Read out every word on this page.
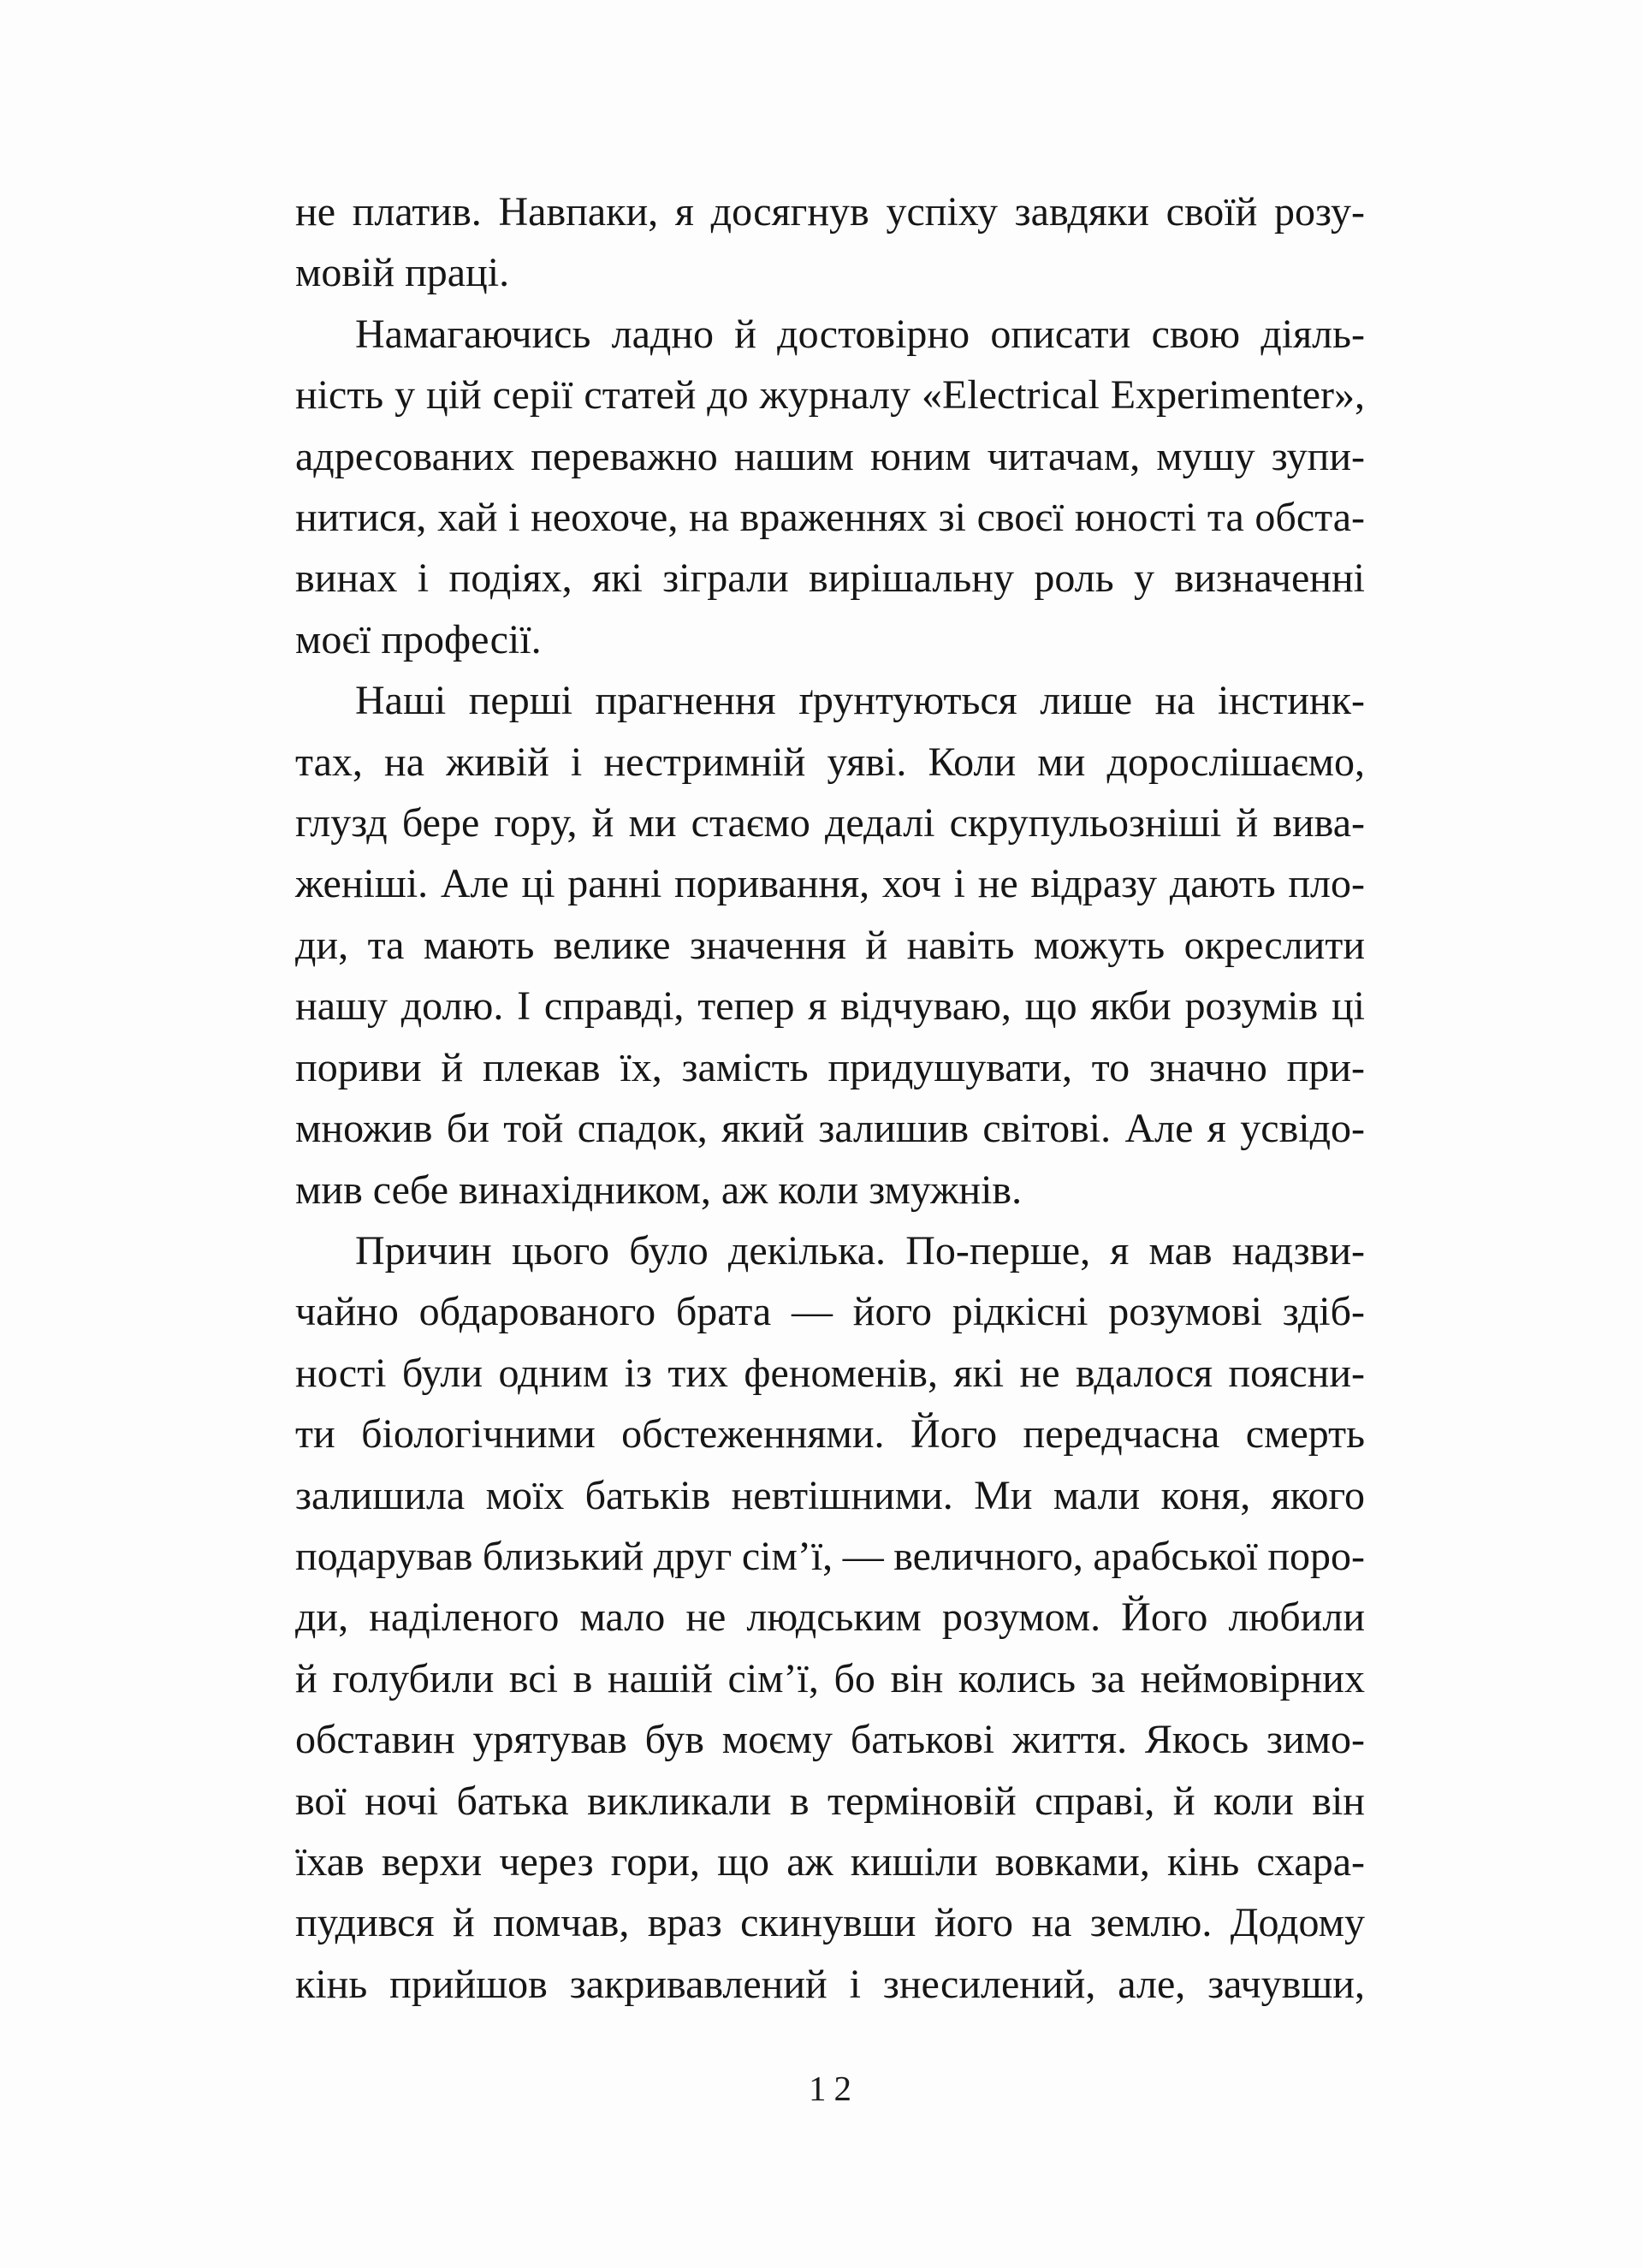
не платив. Навпаки, я досягнув успіху завдяки своїй розу-
мовій праці.
Намагаючись ладно й достовірно описати свою діяль-
ність у цій серії статей до журналу «Electrical Experimenter»,
адресованих переважно нашим юним читачам, мушу зупи-
нитися, хай і неохоче, на враженнях зі своєї юності та обста-
винах і подіях, які зіграли вирішальну роль у визначенні
моєї професії.
Наші перші прагнення ґрунтуються лише на інстинк-
тах, на живій і нестримній уяві. Коли ми дорослішаємо,
глузд бере гору, й ми стаємо дедалі скрупульозніші й вива-
женіші. Але ці ранні поривання, хоч і не відразу дають пло-
ди, та мають велике значення й навіть можуть окреслити
нашу долю. І справді, тепер я відчуваю, що якби розумів ці
пориви й плекав їх, замість придушувати, то значно при-
множив би той спадок, який залишив світові. Але я усвідо-
мив себе винахідником, аж коли змужнів.
Причин цього було декілька. По-перше, я мав надзви-
чайно обдарованого брата — його рідкісні розумові здіб-
ності були одним із тих феноменів, які не вдалося поясни-
ти біологічними обстеженнями. Його передчасна смерть
залишила моїх батьків невтішними. Ми мали коня, якого
подарував близький друг сім’ї, — величного, арабської поро-
ди, наділеного мало не людським розумом. Його любили
й голубили всі в нашій сім’ї, бо він колись за неймовірних
обставин урятував був моєму батькові життя. Якось зимо-
вої ночі батька викликали в терміновій справі, й коли він
їхав верхи через гори, що аж кишіли вовками, кінь схара-
пудився й помчав, враз скинувши його на землю. Додому
кінь прийшов закривавлений і знесилений, але, зачувши,
12
